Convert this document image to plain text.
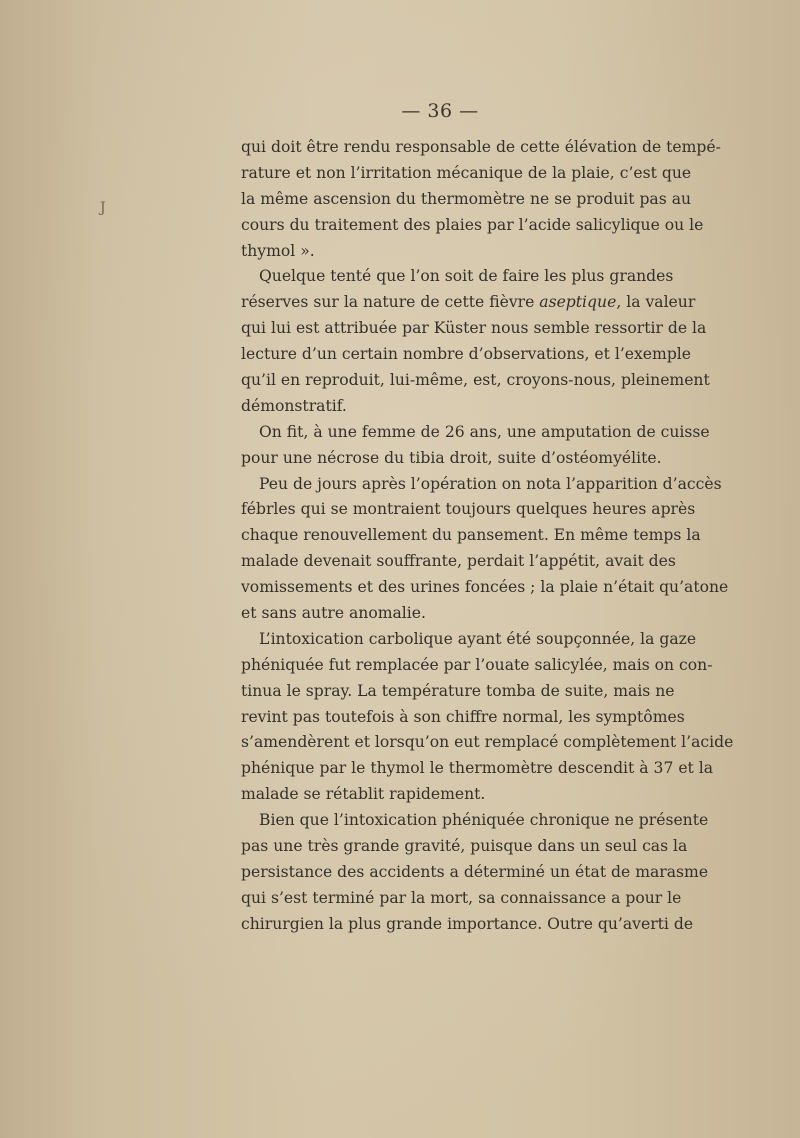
J
— 36 —
qui doit être rendu responsable de cette élévation de tempé-
rature et non l’irritation mécanique de la plaie, c’est que
la même ascension du thermomètre ne se produit pas au
cours du traitement des plaies par l’acide salicylique ou le
thymol ».
Quelque tenté que l’on soit de faire les plus grandes
réserves sur la nature de cette fièvre aseptique, la valeur
qui lui est attribuée par Küster nous semble ressortir de la
lecture d’un certain nombre d’observations, et l’exemple
qu’il en reproduit, lui-même, est, croyons-nous, pleinement
démonstratif.
On fit, à une femme de 26 ans, une amputation de cuisse
pour une nécrose du tibia droit, suite d’ostéomyélite.
Peu de jours après l’opération on nota l’apparition d’accès
fébrles qui se montraient toujours quelques heures après
chaque renouvellement du pansement. En même temps la
malade devenait souffrante, perdait l’appétit, avait des
vomissements et des urines foncées ; la plaie n’était qu’atone
et sans autre anomalie.
L’intoxication carbolique ayant été soupçonnée, la gaze
phéniquée fut remplacée par l’ouate salicylée, mais on con-
tinua le spray. La température tomba de suite, mais ne
revint pas toutefois à son chiffre normal, les symptômes
s’amendèrent et lorsqu’on eut remplacé complètement l’acide
phénique par le thymol le thermomètre descendit à 37 et la
malade se rétablit rapidement.
Bien que l’intoxication phéniquée chronique ne présente
pas une très grande gravité, puisque dans un seul cas la
persistance des accidents a déterminé un état de marasme
qui s’est terminé par la mort, sa connaissance a pour le
chirurgien la plus grande importance. Outre qu’averti de
